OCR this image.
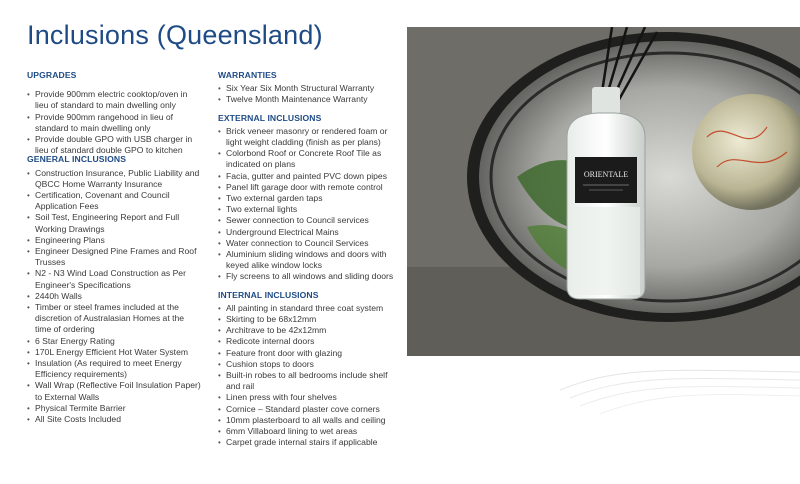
Inclusions (Queensland)
UPGRADES
• Provide 900mm electric cooktop/oven in lieu of standard to main dwelling only
• Provide 900mm rangehood in lieu of standard to main dwelling only
• Provide double GPO with USB charger in lieu of standard double GPO to kitchen
GENERAL INCLUSIONS
• Construction Insurance, Public Liability and QBCC Home Warranty Insurance
• Certification, Covenant and Council Application Fees
• Soil Test, Engineering Report and Full Working Drawings
• Engineering Plans
• Engineer Designed Pine Frames and Roof Trusses
• N2 - N3 Wind Load Construction as Per Engineer's Specifications
• 2440h Walls
• Timber or steel frames included at the discretion of Australasian Homes at the time of ordering
• 6 Star Energy Rating
• 170L Energy Efficient Hot Water System
• Insulation (As required to meet Energy Efficiency requirements)
• Wall Wrap (Reflective Foil Insulation Paper) to External Walls
• Physical Termite Barrier
• All Site Costs Included
WARRANTIES
• Six Year Six Month Structural Warranty
• Twelve Month Maintenance Warranty
EXTERNAL INCLUSIONS
• Brick veneer masonry or rendered foam or light weight cladding (finish as per plans)
• Colorbond Roof or Concrete Roof Tile as indicated on plans
• Facia, gutter and painted PVC down pipes
• Panel lift garage door with remote control
• Two external garden taps
• Two external lights
• Sewer connection to Council services
• Underground Electrical Mains
• Water connection to Council Services
• Aluminium sliding windows and doors with keyed alike window locks
• Fly screens to all windows and sliding doors
INTERNAL INCLUSIONS
• All painting in standard three coat system
• Skirting to be 68x12mm
• Architrave to be 42x12mm
• Redicote internal doors
• Feature front door with glazing
• Cushion stops to doors
• Built-in robes to all bedrooms include shelf and rail
• Linen press with four shelves
• Cornice – Standard plaster cove corners
• 10mm plasterboard to all walls and ceiling
• 6mm Villaboard lining to wet areas
• Carpet grade internal stairs if applicable
ORIENTALE
